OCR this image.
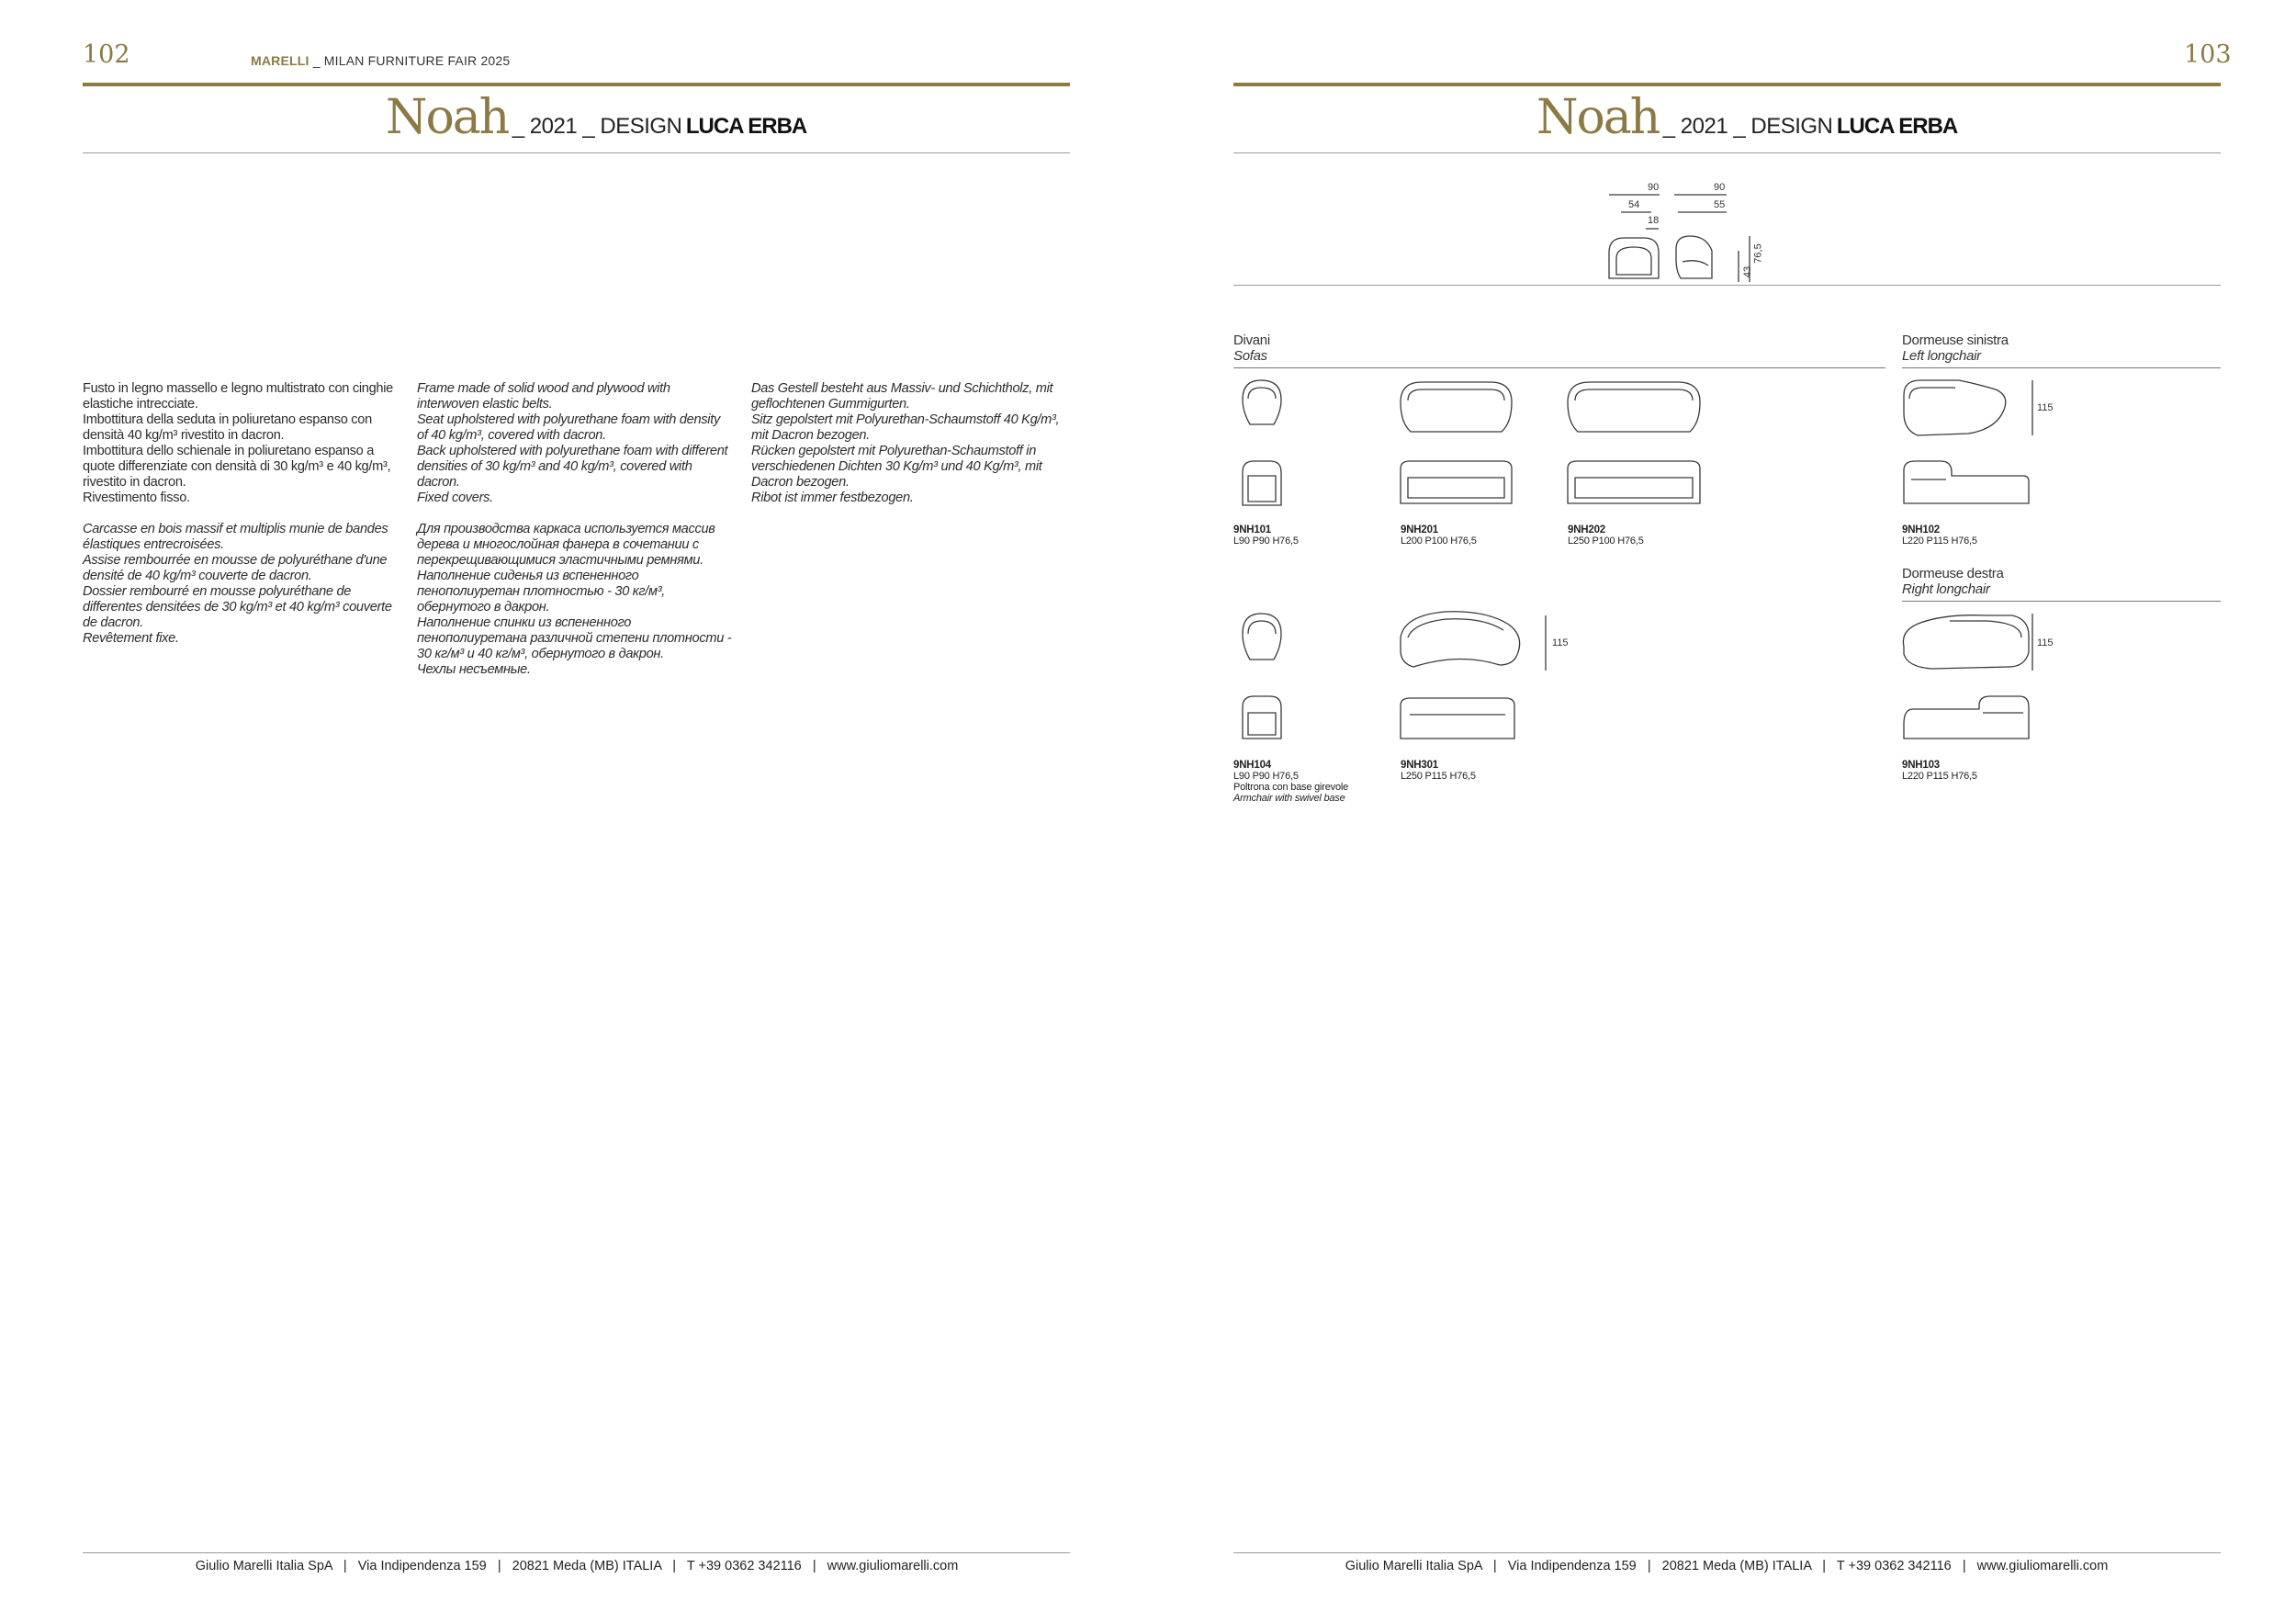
102	MARELLI _ MILAN FURNITURE FAIR 2025
Noah _ 2021 _ DESIGN LUCA ERBA

Fusto in legno massello e legno multistrato con cinghie elastiche intrecciate.

Imbottitura della seduta in poliuretano espanso con densità 40 kg/m³ rivestito in dacron.

Imbottitura dello schienale in poliuretano espanso a quote differenziate con densità di 30 kg/m³ e 40 kg/m³, rivestito in dacron.

Rivestimento fisso.

Carcasse en bois massif et multiplis munie de bandes élastiques entrecroisées.

Assise rembourrée en mousse de polyuréthane d'une densité de 40 kg/m³ couverte de dacron.

Dossier rembourré en mousse polyuréthane de differentes densitées de 30 kg/m³ et 40 kg/m³ couverte de dacron.

Revêtement fixe.

Frame made of solid wood and plywood with interwoven elastic belts.

Seat upholstered with polyurethane foam with density of 40 kg/m³, covered with dacron.

Back upholstered with polyurethane foam with different densities of 30 kg/m³ and 40 kg/m³, covered with dacron.

Fixed covers.

Для производства каркаса используется массив дерева и многослойная фанера в сочетании с перекрещивающимися эластичными ремнями. Наполнение сиденья из вспененного пенополиуретан плотностью - 30 кг/м³, обернутого в дакрон.

Наполнение спинки из вспененного пенополиуретана различной степени плотности - 30 кг/м³ и 40 кг/м³, обернутого в дакрон.

Чехлы несъемные.

Das Gestell besteht aus Massiv- und Schichtholz, mit geflochtenen Gummigurten.

Sitz gepolstert mit Polyurethan-Schaumstoff 40 Kg/m³, mit Dacron bezogen.

Rücken gepolstert mit Polyurethan-Schaumstoff in verschiedenen Dichten 30 Kg/m³ und 40 Kg/m³, mit Dacron bezogen.

Ribot ist immer festbezogen.

Giulio Marelli Italia SpA   |   Via Indipendenza 159   |   20821 Meda (MB) ITALIA   |   T +39 0362 342116   |   www.giuliomarelli.com
103
Noah _ 2021 _ DESIGN LUCA ERBA
90
54
18
90
55
43
76,5
Divani
Sofas
Dormeuse sinistra
Left longchair
Dormeuse destra
Right longchair
115
9NH101
L90 P90 H76,5
9NH201
L200 P100 H76,5
9NH202
L250 P100 H76,5
9NH102
L220 P115 H76,5
115	115
9NH104
L90 P90 H76,5
Poltrona con base girevole
Armchair with swivel base
9NH301
L250 P115 H76,5
9NH103
L220 P115 H76,5
Giulio Marelli Italia SpA   |   Via Indipendenza 159   |   20821 Meda (MB) ITALIA   |   T +39 0362 342116   |   www.giuliomarelli.com
